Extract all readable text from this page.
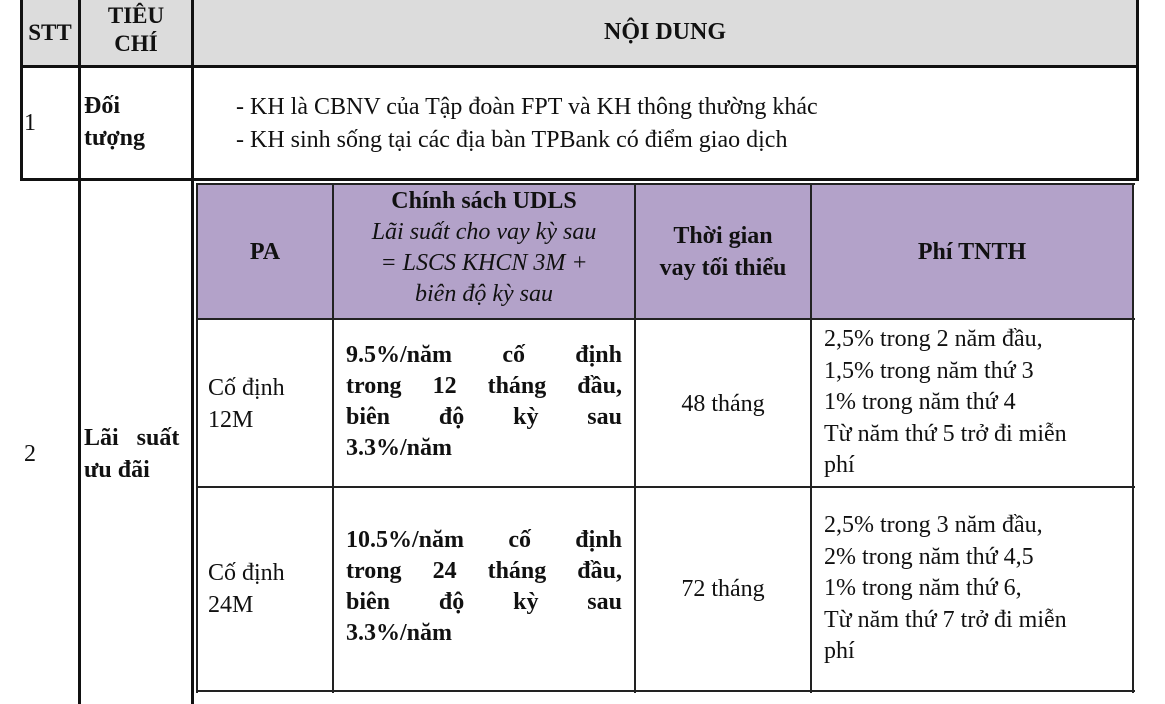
STT
TIÊU
CHÍ	NỘI DUNG
1
Đối
tượng
- KH là CBNV của Tập đoàn FPT và KH thông thường khác
- KH sinh sống tại các địa bàn TPBank có điểm giao dịch
2
Lãi suất
ưu đãi
PA
Chính sách UDLS
Lãi suất cho vay kỳ sau
= LSCS KHCN 3M +
biên độ kỳ sau
Thời gian
vay tối thiểu
Phí TNTH
Cố định
12M
9.5%/năm cố định
trong 12 tháng đầu,
biên độ kỳ sau
3.3%/năm
48 tháng
2,5% trong 2 năm đầu,
1,5% trong năm thứ 3
1% trong năm thứ 4
Từ năm thứ 5 trở đi miễn
phí
Cố định
24M
10.5%/năm cố định
trong 24 tháng đầu,
biên độ kỳ sau
3.3%/năm
72 tháng
2,5% trong 3 năm đầu,
2% trong năm thứ 4,5
1% trong năm thứ 6,
Từ năm thứ 7 trở đi miễn
phí
